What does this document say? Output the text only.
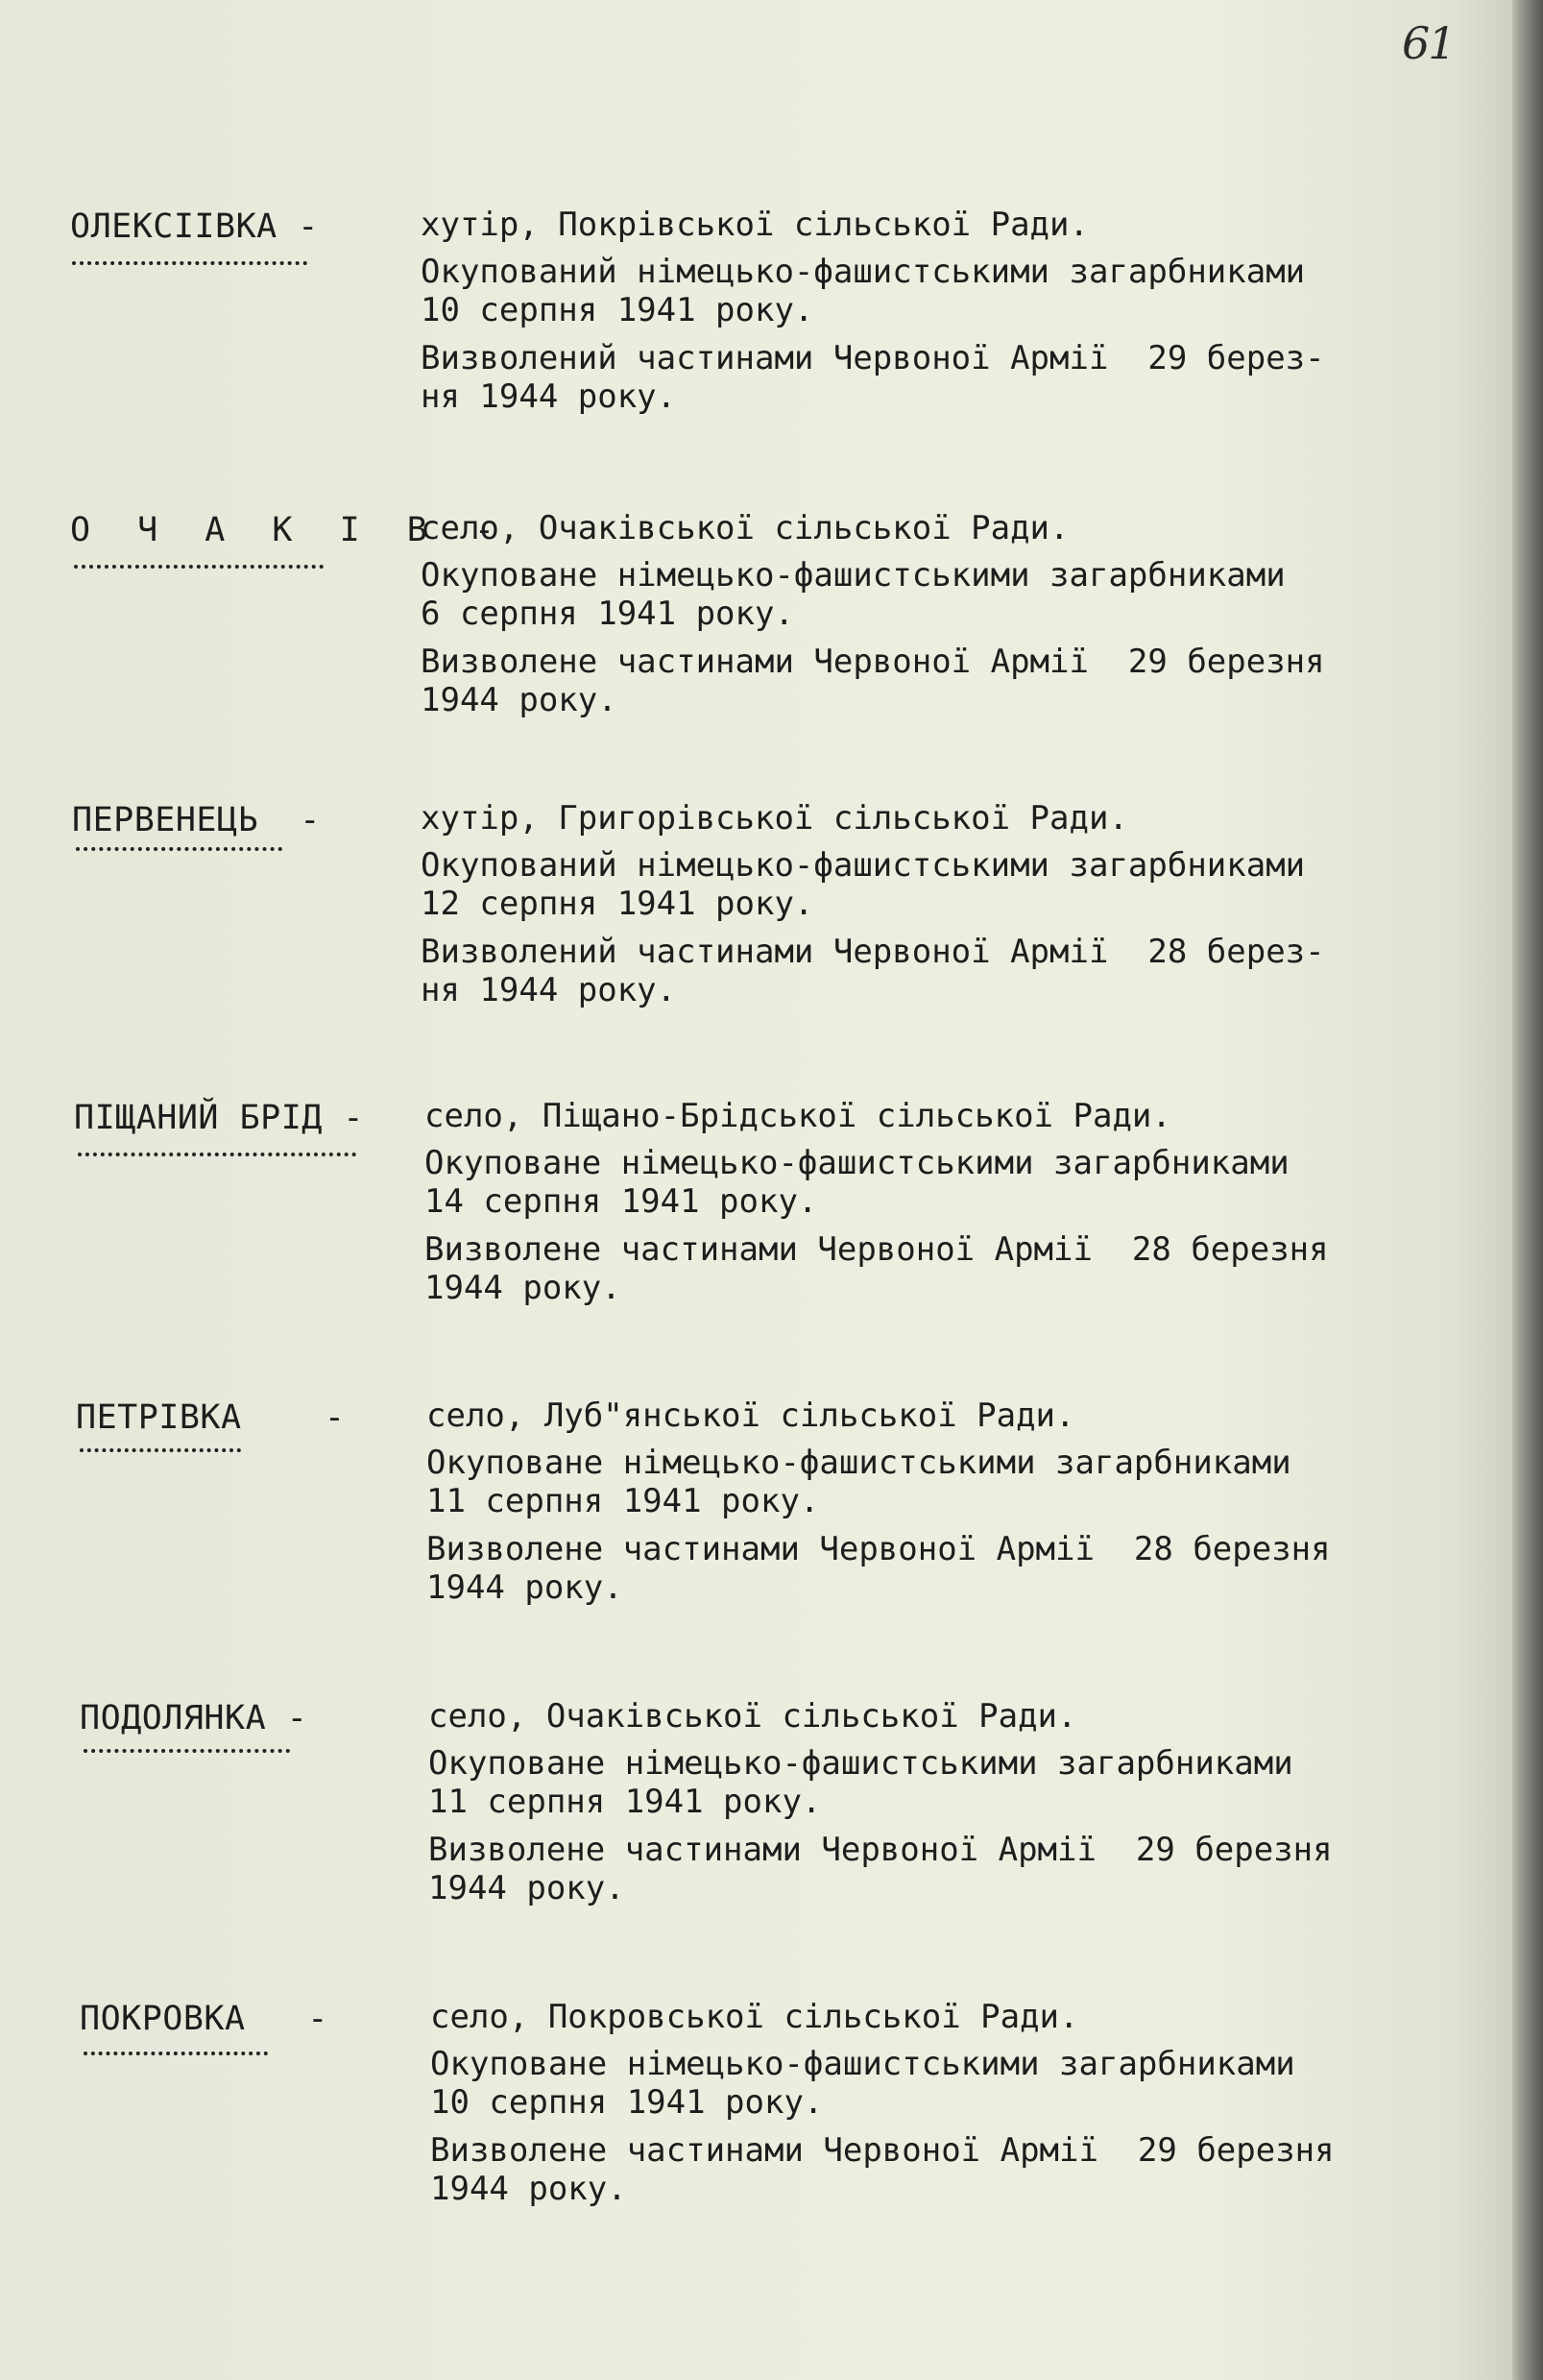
61
ОЛЕКСІІВКА -	хутір, Покрівської сільської Ради.
Окупований німецько-фашистськими загарбниками
10 серпня 1941 року.
Визволений частинами Червоної Армії  29 берез-
ня 1944 року.
О Ч А К І В -
село, Очаківської сільської Ради.
Окуповане німецько-фашистськими загарбниками
6 серпня 1941 року.
Визволене частинами Червоної Армії  29 березня
1944 року.
ПЕРВЕНЕЦЬ  -	хутір, Григорівської сільської Ради.
Окупований німецько-фашистськими загарбниками
12 серпня 1941 року.
Визволений частинами Червоної Армії  28 берез-
ня 1944 року.
ПІЩАНИЙ БРІД - село, Піщано-Брідської сільської Ради.
Окуповане німецько-фашистськими загарбниками
14 серпня 1941 року.
Визволене частинами Червоної Армії  28 березня
1944 року.
ПЕТРІВКА    - село, Луб"янської сільської Ради.
Окуповане німецько-фашистськими загарбниками
11 серпня 1941 року.
Визволене частинами Червоної Армії  28 березня
1944 року.
ПОДОЛЯНКА -	село, Очаківської сільської Ради.
Окуповане німецько-фашистськими загарбниками
11 серпня 1941 року.
Визволене частинами Червоної Армії  29 березня
1944 року.
ПОКРОВКА   -	село, Покровської сільської Ради.
Окуповане німецько-фашистськими загарбниками
10 серпня 1941 року.
Визволене частинами Червоної Армії  29 березня
1944 року.
